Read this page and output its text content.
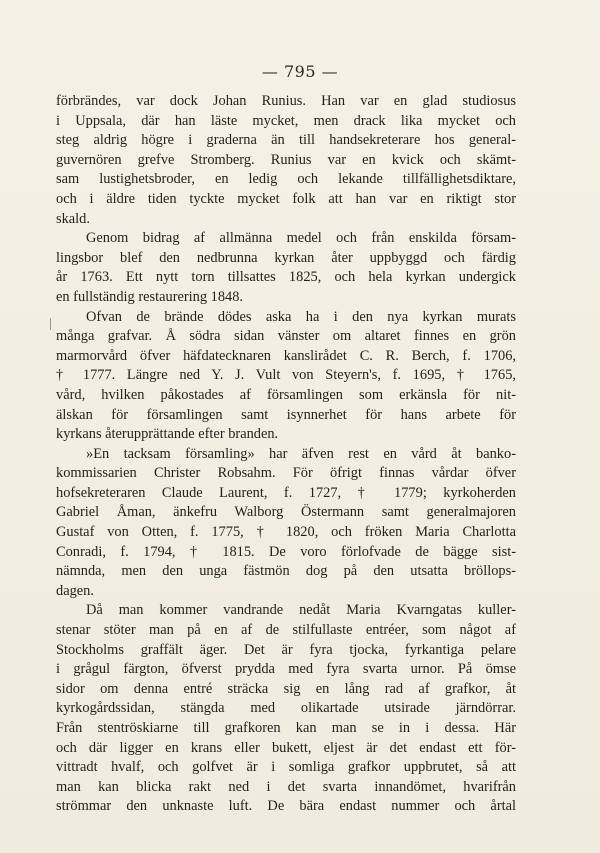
— 795 —
förbrändes, var dock Johan Runius. Han var en glad studiosus
i Uppsala, där han läste mycket, men drack lika mycket och
steg aldrig högre i graderna än till handsekreterare hos general-
guvernören grefve Stromberg. Runius var en kvick och skämt-
sam lustighetsbroder, en ledig och lekande tillfällighetsdiktare,
och i äldre tiden tyckte mycket folk att han var en riktigt stor
skald.
Genom bidrag af allmänna medel och från enskilda försam-
lingsbor blef den nedbrunna kyrkan åter uppbyggd och färdig
år 1763. Ett nytt torn tillsattes 1825, och hela kyrkan undergick
en fullständig restaurering 1848.
Ofvan de brände dödes aska ha i den nya kyrkan murats
många grafvar. Å södra sidan vänster om altaret finnes en grön
marmorvård öfver häfdatecknaren kanslirådet C. R. Berch, f. 1706,
† 1777. Längre ned Y. J. Vult von Steyern's, f. 1695, † 1765,
vård, hvilken påkostades af församlingen som erkänsla för nit-
älskan för församlingen samt isynnerhet för hans arbete för
kyrkans återupprättande efter branden.
»En tacksam församling» har äfven rest en vård åt banko-
kommissarien Christer Robsahm. För öfrigt finnas vårdar öfver
hofsekreteraren Claude Laurent, f. 1727, † 1779; kyrkoherden
Gabriel Åman, änkefru Walborg Östermann samt generalmajoren
Gustaf von Otten, f. 1775, † 1820, och fröken Maria Charlotta
Conradi, f. 1794, † 1815. De voro förlofvade de bägge sist-
nämnda, men den unga fästmön dog på den utsatta bröllops-
dagen.
Då man kommer vandrande nedåt Maria Kvarngatas kuller-
stenar stöter man på en af de stilfullaste entréer, som något af
Stockholms graffält äger. Det är fyra tjocka, fyrkantiga pelare
i grågul färgton, öfverst prydda med fyra svarta urnor. På ömse
sidor om denna entré sträcka sig en lång rad af grafkor, åt
kyrkogårdssidan, stängda med olikartade utsirade järndörrar.
Från stentröskiarne till grafkoren kan man se in i dessa. Här
och där ligger en krans eller bukett, eljest är det endast ett för-
vittradt hvalf, och golfvet är i somliga grafkor uppbrutet, så att
man kan blicka rakt ned i det svarta innandömet, hvarifrån
strömmar den unknaste luft. De bära endast nummer och årtal
